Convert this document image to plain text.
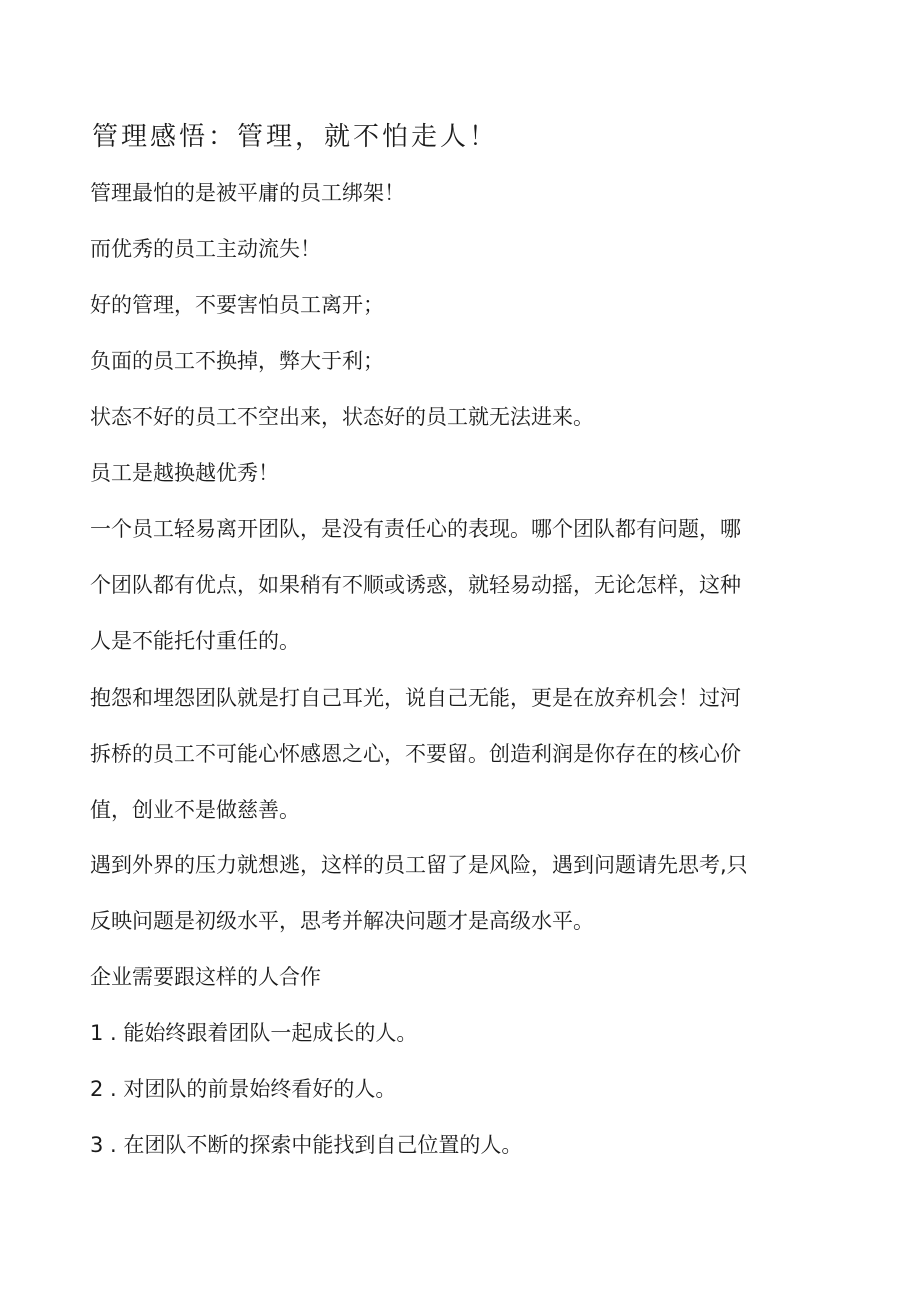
管理感悟：管理，就不怕走人！

管理最怕的是被平庸的员工绑架！

而优秀的员工主动流失！

好的管理，不要害怕员工离开；

负面的员工不换掉，弊大于利；

状态不好的员工不空出来，状态好的员工就无法进来。

员工是越换越优秀！

一个员工轻易离开团队，是没有责任心的表现。哪个团队都有问题，哪
个团队都有优点，如果稍有不顺或诱惑，就轻易动摇，无论怎样，这种
人是不能托付重任的。

抱怨和埋怨团队就是打自己耳光，说自己无能，更是在放弃机会！过河
拆桥的员工不可能心怀感恩之心，不要留。创造利润是你存在的核心价
值，创业不是做慈善。

遇到外界的压力就想逃，这样的员工留了是风险，遇到问题请先思考,只
反映问题是初级水平，思考并解决问题才是高级水平。

企业需要跟这样的人合作

1 . 能始终跟着团队一起成长的人。

2 . 对团队的前景始终看好的人。

3 . 在团队不断的探索中能找到自己位置的人。
